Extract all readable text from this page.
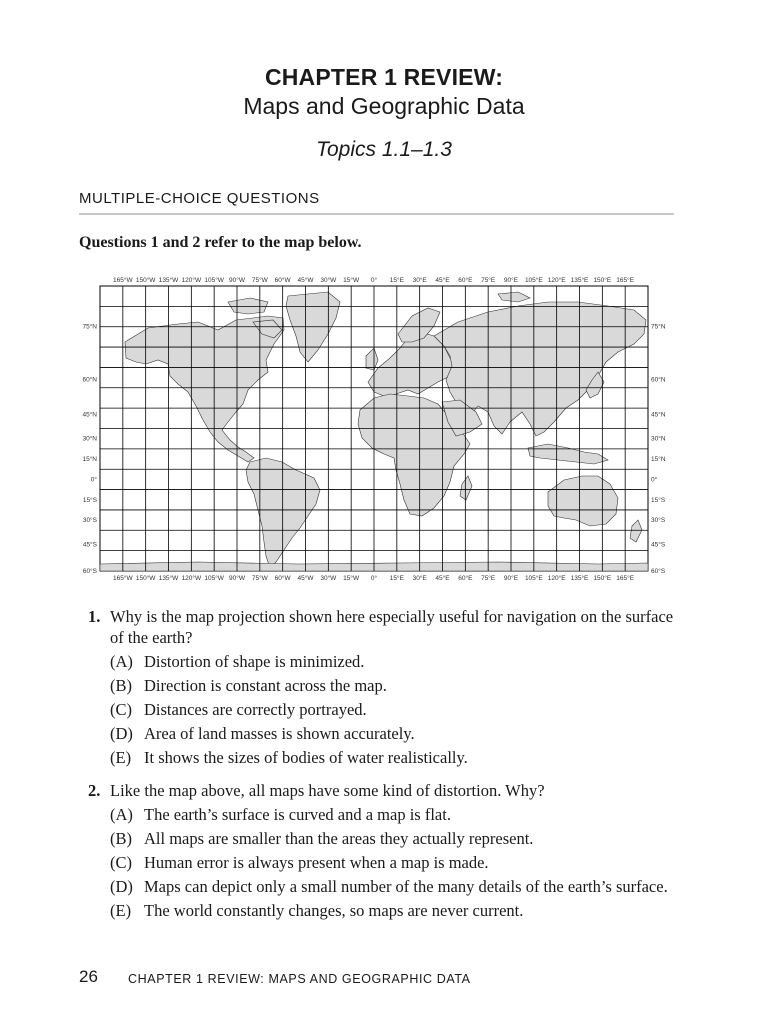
CHAPTER 1 REVIEW:
Maps and Geographic Data
Topics 1.1–1.3
MULTIPLE-CHOICE QUESTIONS
Questions 1 and 2 refer to the map below.
165°W
165°W
150°W
150°W
135°W
135°W
120°W
120°W
105°W
105°W
90°W
90°W
75°W
75°W
60°W
60°W
45°W
45°W
30°W
30°W
15°W
15°W
0°
0°
15°E
15°E
30°E
30°E
45°E
45°E
60°E
60°E
75°E
75°E
90°E
90°E
105°E
105°E
120°E
120°E
135°E
135°E
150°E
150°E
165°E
165°E
75°N	75°N
60°N	60°N
45°N	45°N
30°N	30°N
15°N	15°N
0°	0°
15°S	15°S
30°S	30°S
45°S	45°S
60°S	60°S
1. Why is the map projection shown here especially useful for navigation on the surface of the earth?
(A) Distortion of shape is minimized.
(B) Direction is constant across the map.
(C) Distances are correctly portrayed.
(D) Area of land masses is shown accurately.
(E) It shows the sizes of bodies of water realistically.
2. Like the map above, all maps have some kind of distortion. Why?
(A) The earth’s surface is curved and a map is flat.
(B) All maps are smaller than the areas they actually represent.
(C) Human error is always present when a map is made.
(D) Maps can depict only a small number of the many details of the earth’s surface.
(E) The world constantly changes, so maps are never current.
26 CHAPTER 1 REVIEW: MAPS AND GEOGRAPHIC DATA
